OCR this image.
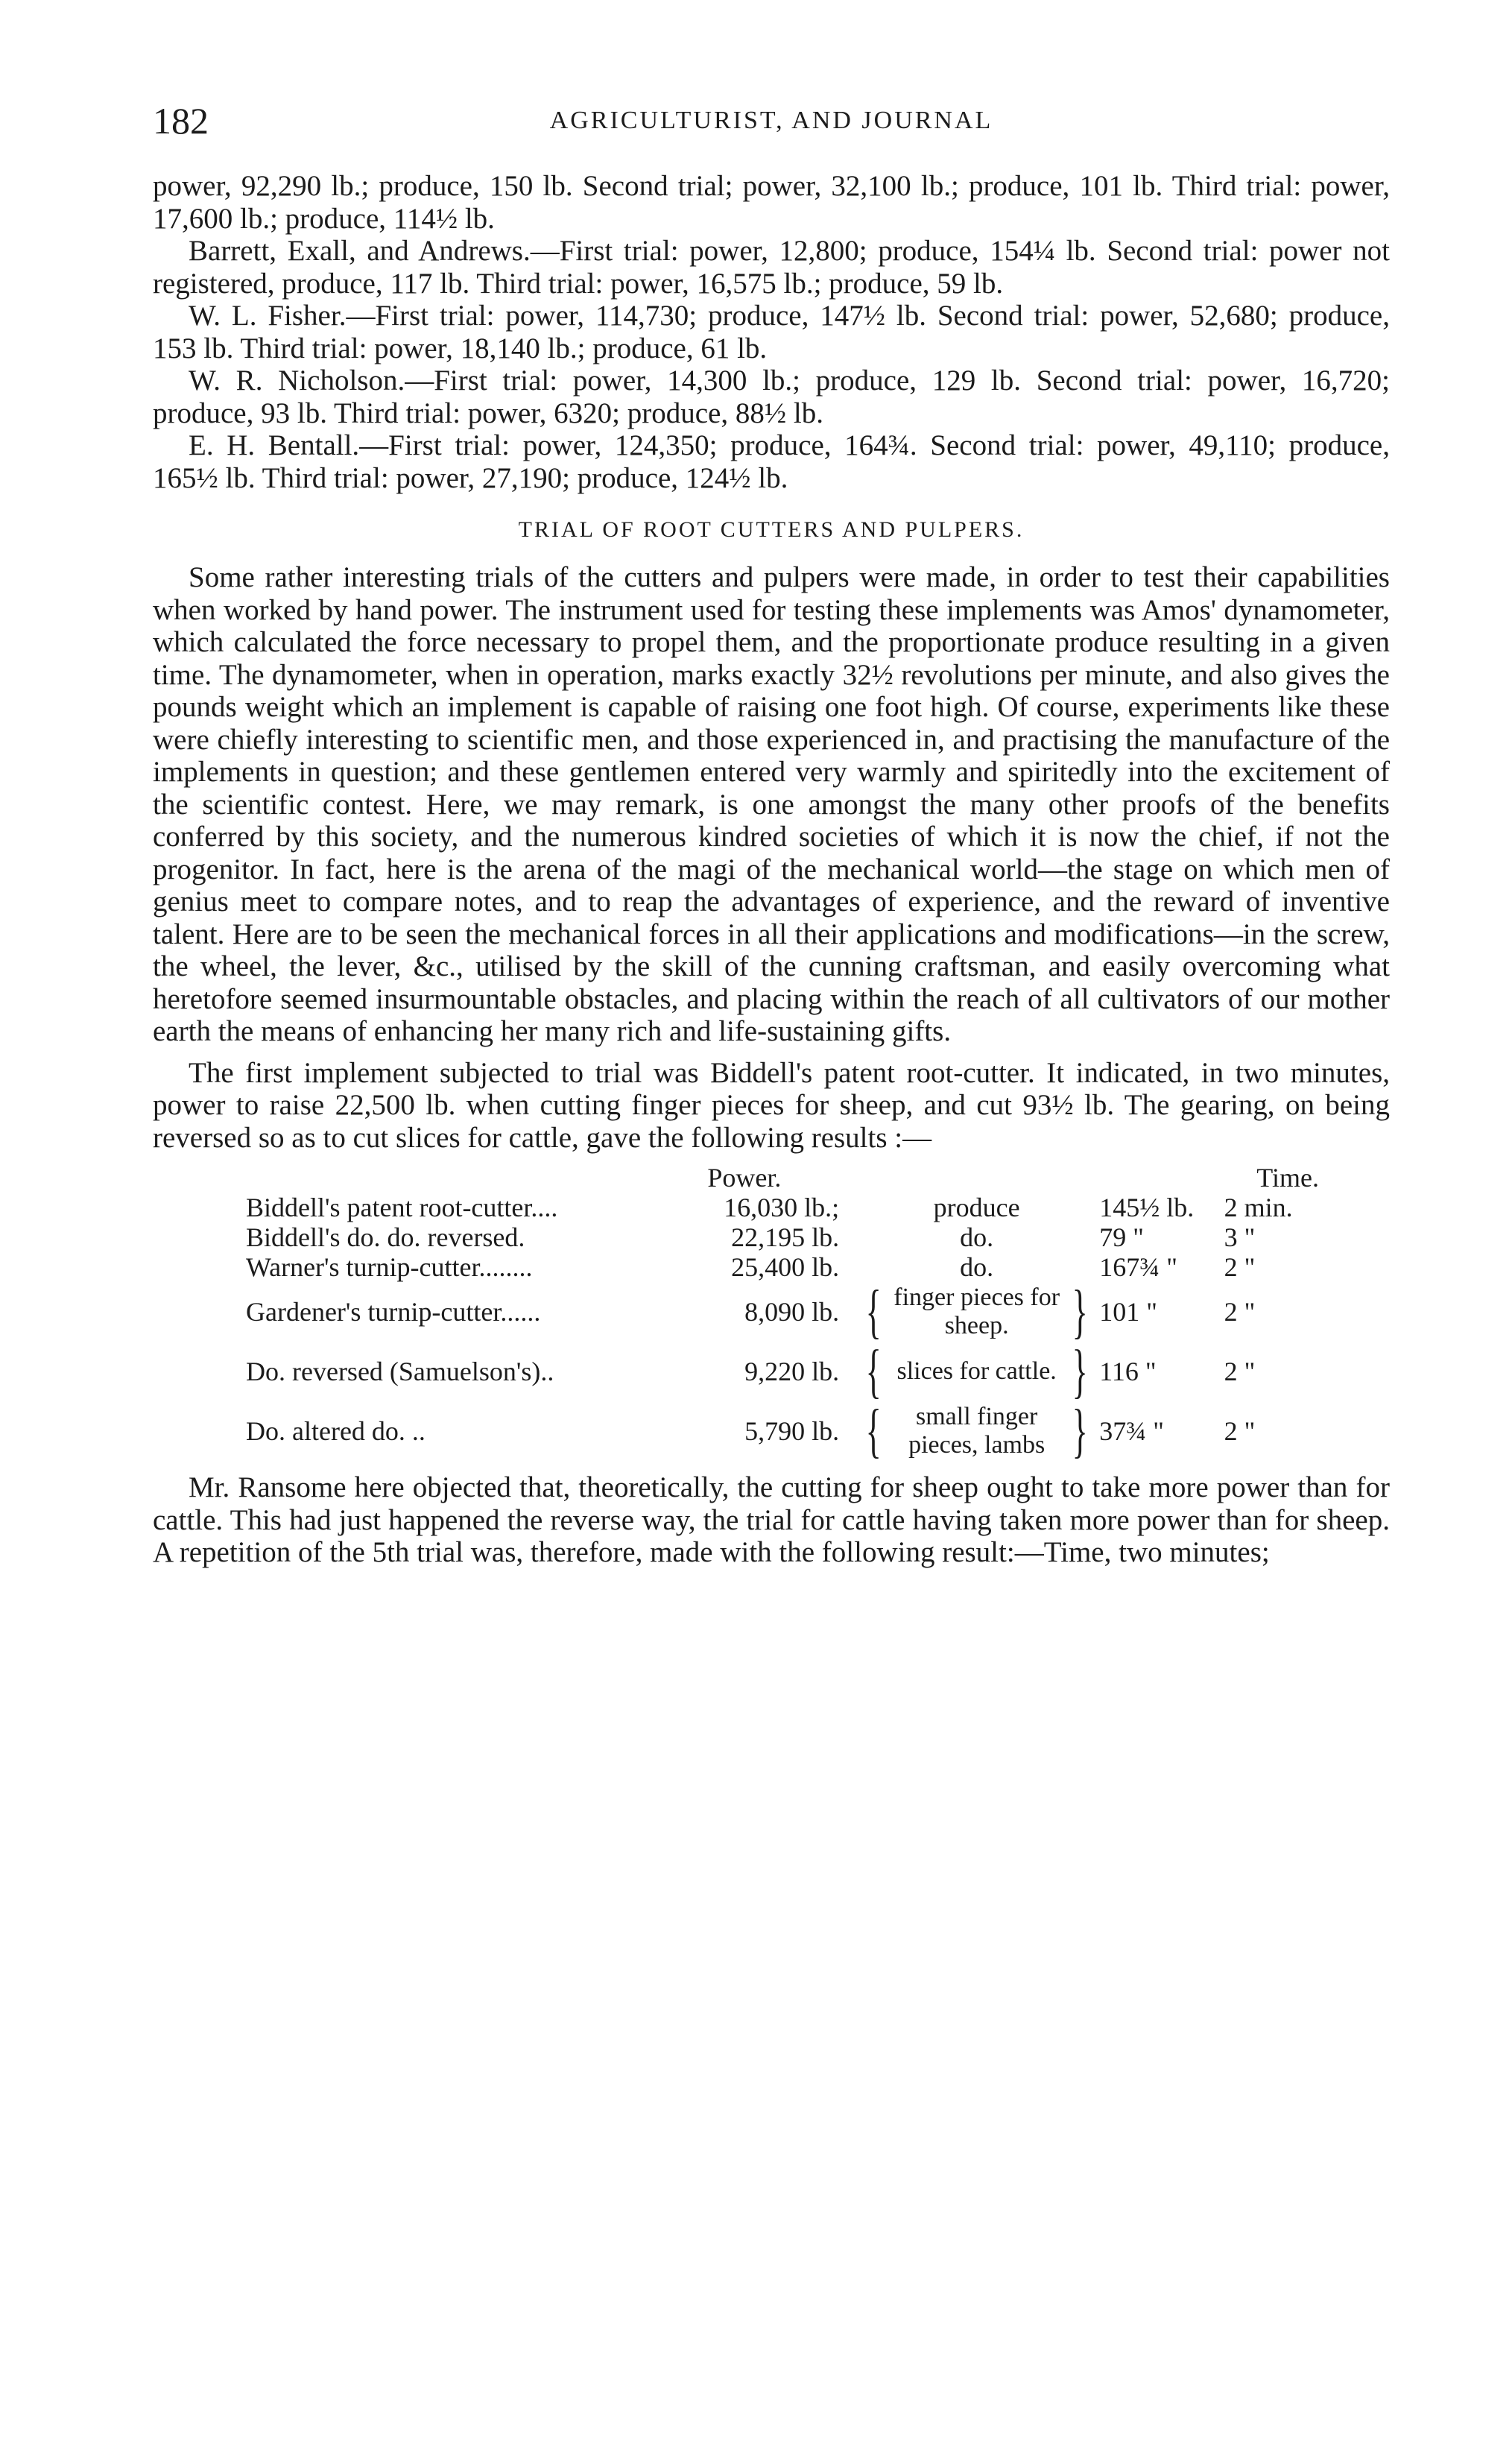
182	AGRICULTURIST, AND JOURNAL

power, 92,290 lb.; produce, 150 lb. Second trial; power, 32,100 lb.; produce, 101 lb. Third trial: power, 17,600 lb.; produce, 114½ lb.

Barrett, Exall, and Andrews.—First trial: power, 12,800; produce, 154¼ lb. Second trial: power not registered, produce, 117 lb. Third trial: power, 16,575 lb.; produce, 59 lb.

W. L. Fisher.—First trial: power, 114,730; produce, 147½ lb. Second trial: power, 52,680; produce, 153 lb. Third trial: power, 18,140 lb.; produce, 61 lb.

W. R. Nicholson.—First trial: power, 14,300 lb.; produce, 129 lb. Second trial: power, 16,720; produce, 93 lb. Third trial: power, 6320; produce, 88½ lb.

E. H. Bentall.—First trial: power, 124,350; produce, 164¾. Second trial: power, 49,110; produce, 165½ lb. Third trial: power, 27,190; produce, 124½ lb.

TRIAL OF ROOT CUTTERS AND PULPERS.

Some rather interesting trials of the cutters and pulpers were made, in order to test their capabilities when worked by hand power. The instrument used for testing these implements was Amos' dynamometer, which calculated the force necessary to propel them, and the proportionate produce resulting in a given time. The dynamometer, when in operation, marks exactly 32½ revolutions per minute, and also gives the pounds weight which an implement is capable of raising one foot high. Of course, experiments like these were chiefly interesting to scientific men, and those experienced in, and practising the manufacture of the implements in question; and these gentlemen entered very warmly and spiritedly into the excitement of the scientific contest. Here, we may remark, is one amongst the many other proofs of the benefits conferred by this society, and the numerous kindred societies of which it is now the chief, if not the progenitor. In fact, here is the arena of the magi of the mechanical world—the stage on which men of genius meet to compare notes, and to reap the advantages of experience, and the reward of inventive talent. Here are to be seen the mechanical forces in all their applications and modifications—in the screw, the wheel, the lever, &c., utilised by the skill of the cunning craftsman, and easily overcoming what heretofore seemed insurmountable obstacles, and placing within the reach of all cultivators of our mother earth the means of enhancing her many rich and life-sustaining gifts.

The first implement subjected to trial was Biddell's patent root-cutter. It indicated, in two minutes, power to raise 22,500 lb. when cutting finger pieces for sheep, and cut 93½ lb. The gearing, on being reversed so as to cut slices for cattle, gave the following results :—

	Power.			Time.
Biddell's patent root-cutter....	16,030 lb.;	produce	145½ lb.	2 min.
Biddell's do. do. reversed.	22,195 lb.	do.	79 "	3 "
Warner's turnip-cutter........	25,400 lb.	do.	167¾ "	2 "
Gardener's turnip-cutter......	8,090 lb.	{ finger pieces for sheep. }	101 "	2 "
Do. reversed (Samuelson's)..	9,220 lb.	{ slices for cattle. }	116 "	2 "
Do. altered do. ..	5,790 lb.	{ small finger pieces, lambs }	37¾ "	2 "

Mr. Ransome here objected that, theoretically, the cutting for sheep ought to take more power than for cattle. This had just happened the reverse way, the trial for cattle having taken more power than for sheep. A repetition of the 5th trial was, therefore, made with the following result:—Time, two minutes;
